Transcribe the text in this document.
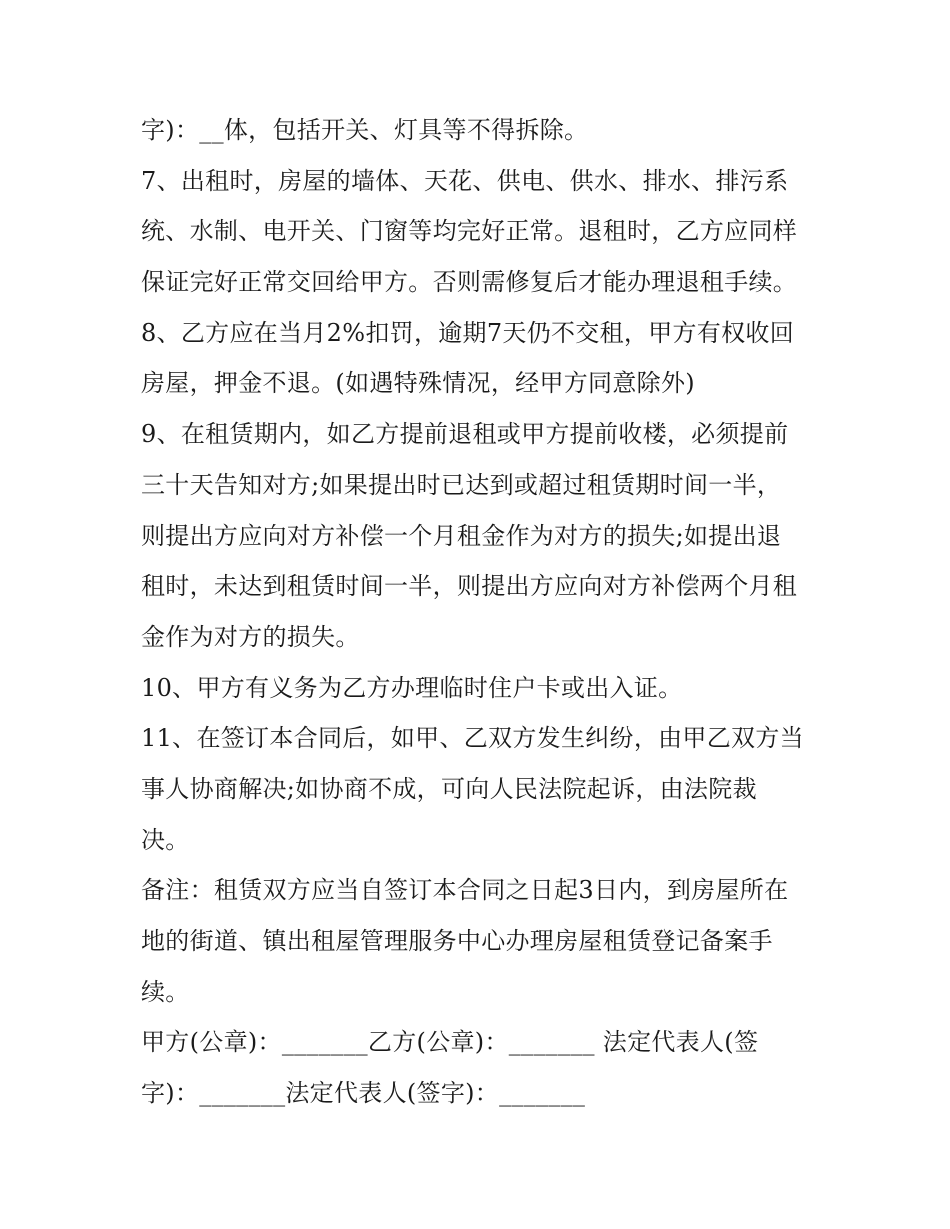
字)：__体，包括开关、灯具等不得拆除。
7、出租时，房屋的墙体、天花、供电、供水、排水、排污系
统、水制、电开关、门窗等均完好正常。退租时，乙方应同样
保证完好正常交回给甲方。否则需修复后才能办理退租手续。
8、乙方应在当月2%扣罚，逾期7天仍不交租，甲方有权收回
房屋，押金不退。(如遇特殊情况，经甲方同意除外)
9、在租赁期内，如乙方提前退租或甲方提前收楼，必须提前
三十天告知对方;如果提出时已达到或超过租赁期时间一半，
则提出方应向对方补偿一个月租金作为对方的损失;如提出退
租时，未达到租赁时间一半，则提出方应向对方补偿两个月租
金作为对方的损失。
10、甲方有义务为乙方办理临时住户卡或出入证。
11、在签订本合同后，如甲、乙双方发生纠纷，由甲乙双方当
事人协商解决;如协商不成，可向人民法院起诉，由法院裁
决。
备注：租赁双方应当自签订本合同之日起3日内，到房屋所在
地的街道、镇出租屋管理服务中心办理房屋租赁登记备案手
续。
甲方(公章)：_______乙方(公章)：_______ 法定代表人(签
字)：_______法定代表人(签字)：_______
